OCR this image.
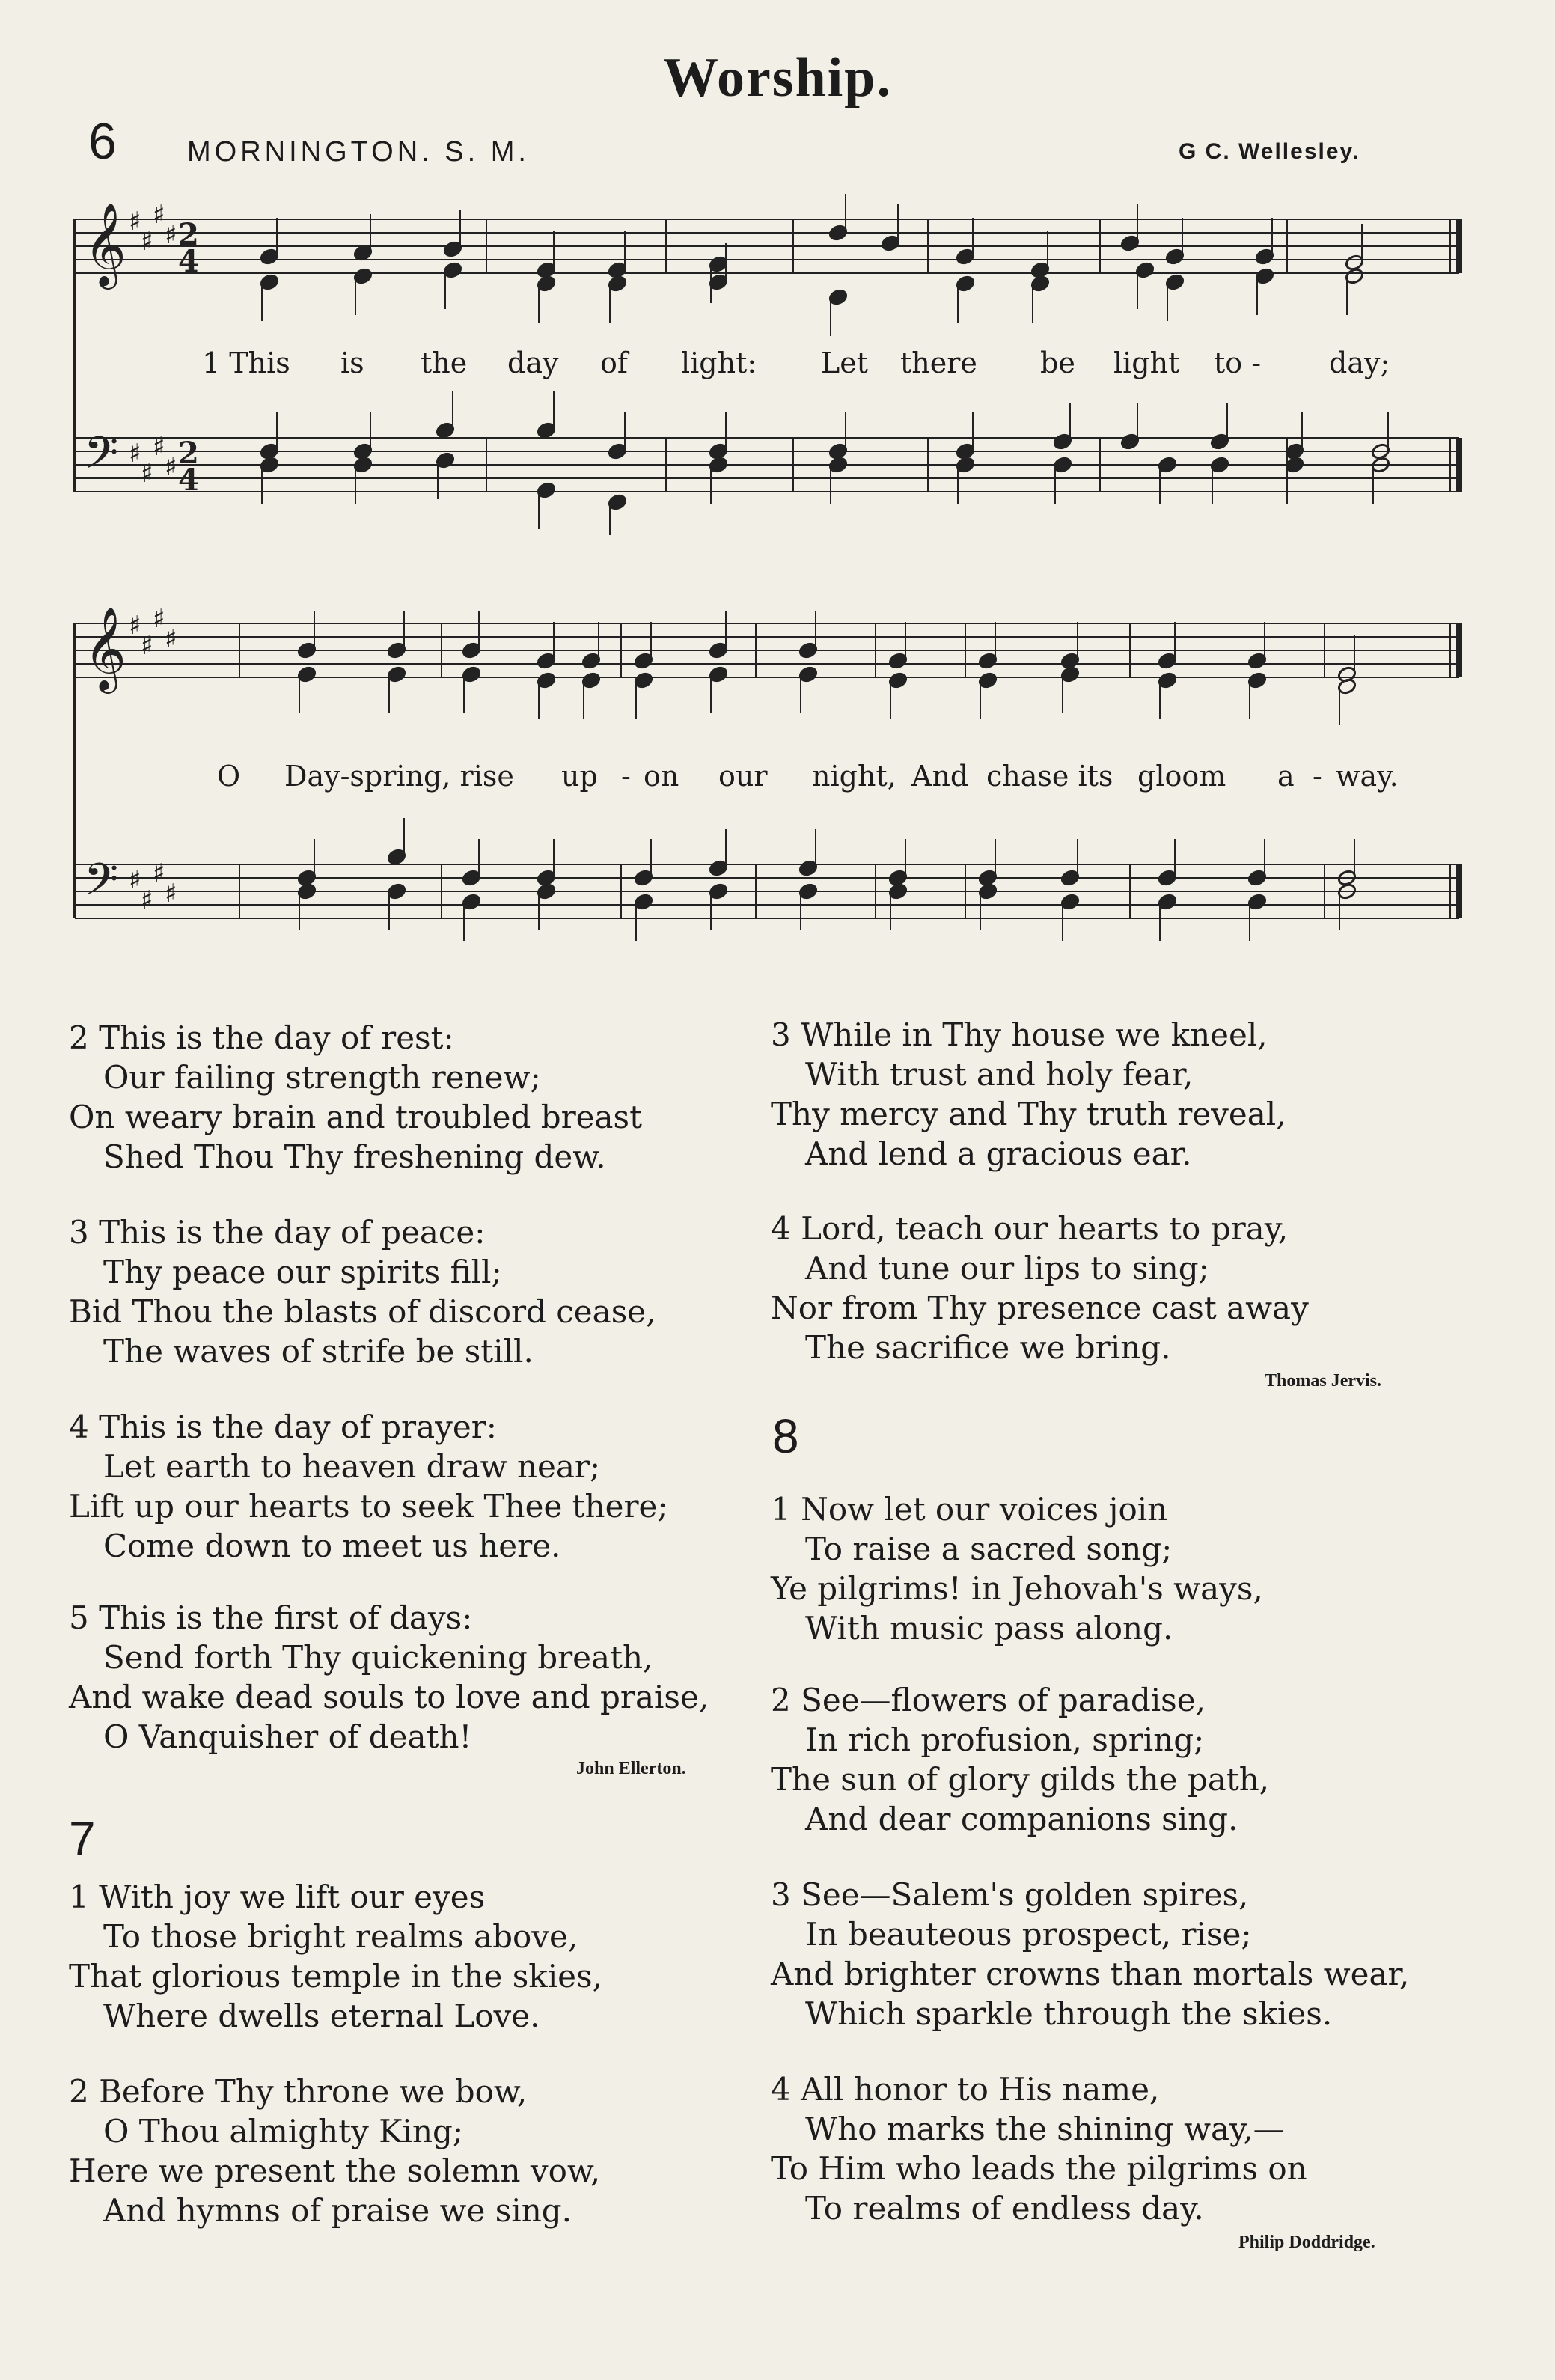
Worship.
6 MORNINGTON. S. M.	G C. Wellesley.
𝄞
𝄢
♯
♯
♯
♯
♯
♯
♯
♯
2
4
2
4
1 This is the day of light: Let there be light to - day;
𝄞
𝄢
♯
♯
♯
♯
♯
♯
♯
♯
O Day-spring, rise up - on our night, And chase its gloom a - way.
2 This is the day of rest:
Our failing strength renew;
On weary brain and troubled breast
Shed Thou Thy freshening dew.
3 This is the day of peace:
Thy peace our spirits fill;
Bid Thou the blasts of discord cease,
The waves of strife be still.
4 This is the day of prayer:
Let earth to heaven draw near;
Lift up our hearts to seek Thee there;
Come down to meet us here.
5 This is the first of days:
Send forth Thy quickening breath,
And wake dead souls to love and praise,
O Vanquisher of death!
John Ellerton.
7
1 With joy we lift our eyes
To those bright realms above,
That glorious temple in the skies,
Where dwells eternal Love.
2 Before Thy throne we bow,
O Thou almighty King;
Here we present the solemn vow,
And hymns of praise we sing.
3 While in Thy house we kneel,
With trust and holy fear,
Thy mercy and Thy truth reveal,
And lend a gracious ear.
4 Lord, teach our hearts to pray,
And tune our lips to sing;
Nor from Thy presence cast away
The sacrifice we bring.
Thomas Jervis.
8
1 Now let our voices join
To raise a sacred song;
Ye pilgrims! in Jehovah's ways,
With music pass along.
2 See—flowers of paradise,
In rich profusion, spring;
The sun of glory gilds the path,
And dear companions sing.
3 See—Salem's golden spires,
In beauteous prospect, rise;
And brighter crowns than mortals wear,
Which sparkle through the skies.
4 All honor to His name,
Who marks the shining way,—
To Him who leads the pilgrims on
To realms of endless day.
Philip Doddridge.
